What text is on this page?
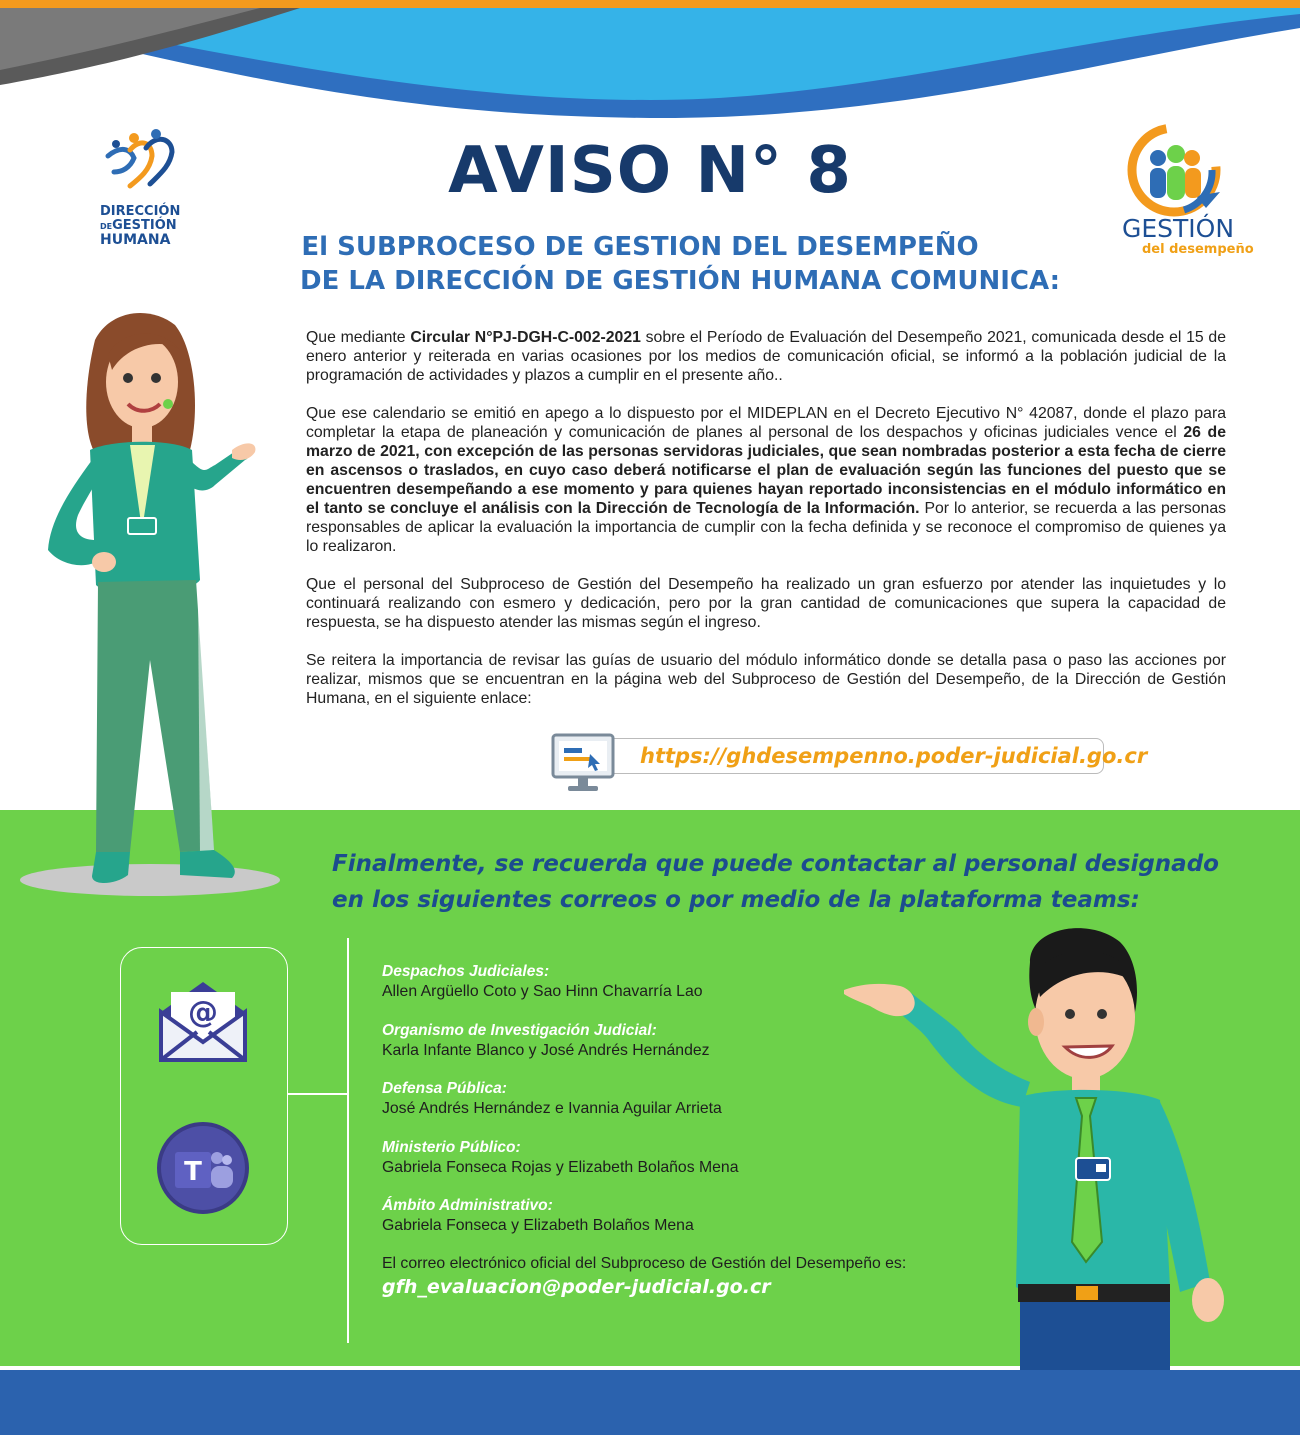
DIRECCIÓN
DEGESTIÓN
HUMANA	GESTIÓN
del desempeño
AVISO N° 8
El SUBPROCESO DE GESTION DEL DESEMPEÑO
DE LA DIRECCIÓN DE GESTIÓN HUMANA COMUNICA:

Que mediante Circular N°PJ-DGH-C-002-2021 sobre el Período de Evaluación del Desempeño 2021, comunicada desde el 15 de enero anterior y reiterada en varias ocasiones por los medios de comunicación oficial, se informó a la población judicial de la programación de actividades y plazos a cumplir en el presente año..

Que ese calendario se emitió en apego a lo dispuesto por el MIDEPLAN en el Decreto Ejecutivo N° 42087, donde el plazo para completar la etapa de planeación y comunicación de planes al personal de los despachos y oficinas judiciales vence el 26 de marzo de 2021, con excepción de las personas servidoras judiciales, que sean nombradas posterior a esta fecha de cierre en ascensos o traslados, en cuyo caso deberá notificarse el plan de evaluación según las funciones del puesto que se encuentren desempeñando a ese momento y para quienes hayan reportado inconsistencias en el módulo informático en el tanto se concluye el análisis con la Dirección de Tecnología de la Información. Por lo anterior, se recuerda a las personas responsables de aplicar la evaluación la importancia de cumplir con la fecha definida y se reconoce el compromiso de quienes ya lo realizaron.

Que el personal del Subproceso de Gestión del Desempeño ha realizado un gran esfuerzo por atender las inquietudes y lo continuará realizando con esmero y dedicación, pero por la gran cantidad de comunicaciones que supera la capacidad de respuesta, se ha dispuesto atender las mismas según el ingreso.

Se reitera la importancia de revisar las guías de usuario del módulo informático donde se detalla pasa o paso las acciones por realizar, mismos que se encuentran en la página web del Subproceso de Gestión del Desempeño, de la Dirección de Gestión Humana, en el siguiente enlace:

https://ghdesempenno.poder-judicial.go.cr
Finalmente, se recuerda que puede contactar al personal designado
en los siguientes correos o por medio de la plataforma teams:
@
T
Despachos Judiciales:
Allen Argüello Coto y Sao Hinn Chavarría Lao
Organismo de Investigación Judicial:
Karla Infante Blanco y José Andrés Hernández
Defensa Pública:
José Andrés Hernández e Ivannia Aguilar Arrieta
Ministerio Público:
Gabriela Fonseca Rojas y Elizabeth Bolaños Mena
Ámbito Administrativo:
Gabriela Fonseca y Elizabeth Bolaños Mena
El correo electrónico oficial del Subproceso de Gestión del Desempeño es:
gfh_evaluacion@poder-judicial.go.cr
